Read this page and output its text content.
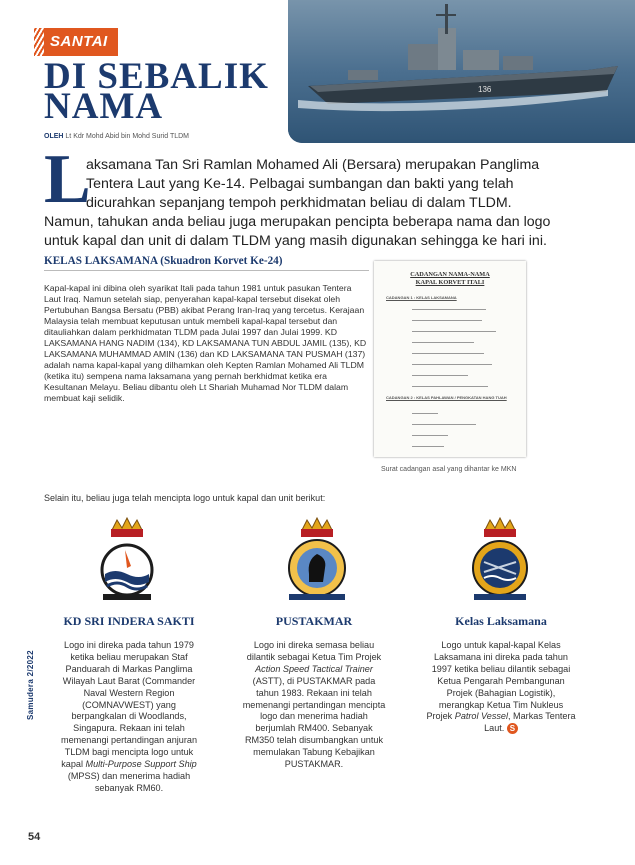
136
SANTAI
DI SEBALIK
NAMA
OLEH Lt Kdr Mohd Abid bin Mohd Surid TLDM
L
aksamana Tan Sri Ramlan Mohamed Ali (Bersara) merupakan Panglima
Tentera Laut yang Ke-14. Pelbagai sumbangan dan bakti yang telah
dicurahkan sepanjang tempoh perkhidmatan beliau di dalam TLDM.
Namun, tahukan anda beliau juga merupakan pencipta beberapa nama dan logo
untuk kapal dan unit di dalam TLDM yang masih digunakan sehingga ke hari ini.
KELAS LAKSAMANA (Skuadron Korvet Ke-24)
Kapal-kapal ini dibina oleh syarikat Itali pada tahun 1981 untuk pasukan Tentera Laut Iraq. Namun setelah siap, penyerahan kapal-kapal tersebut disekat oleh Pertubuhan Bangsa Bersatu (PBB) akibat Perang Iran-Iraq yang tercetus. Kerajaan Malaysia telah membuat keputusan untuk membeli kapal-kapal tersebut dan ditauliahkan dalam perkhidmatan TLDM pada Julai 1997 dan Julai 1999. KD LAKSAMANA HANG NADIM (134), KD LAKSAMANA TUN ABDUL JAMIL (135), KD LAKSAMANA MUHAMMAD AMIN (136) dan KD LAKSAMANA TAN PUSMAH (137) adalah nama kapal-kapal yang dilhamkan oleh Kepten Ramlan Mohamed Ali TLDM (ketika itu) sempena nama laksamana yang pernah berkhidmat ketika era Kesultanan Melayu. Beliau dibantu oleh Lt Shariah Muhamad Nor TLDM dalam membuat kaji selidik.
CADANGAN NAMA-NAMA
KAPAL KORVET ITALI
CADANGAN 1 : KELAS LAKSAMANA
CADANGAN 2 : KELAS PAHLAWAN / PENGKATAN HANG TUAH
Surat cadangan asal yang dihantar ke MKN
Selain itu, beliau juga telah mencipta logo untuk kapal dan unit berikut:
KD SRI INDERA SAKTI
Logo ini direka pada tahun 1979 ketika beliau merupakan Staf Panduarah di Markas Panglima Wilayah Laut Barat (Commander Naval Western Region (COMNAVWEST) yang berpangkalan di Woodlands, Singapura. Rekaan ini telah memenangi pertandingan anjuran TLDM bagi mencipta logo untuk kapal Multi-Purpose Support Ship (MPSS) dan menerima hadiah sebanyak RM60.
PUSTAKMAR
Logo ini direka semasa beliau dilantik sebagai Ketua Tim Projek Action Speed Tactical Trainer (ASTT), di PUSTAKMAR pada tahun 1983. Rekaan ini telah memenangi pertandingan mencipta logo dan menerima hadiah berjumlah RM400. Sebanyak RM350 telah disumbangkan untuk memulakan Tabung Kebajikan PUSTAKMAR.
Kelas Laksamana
Logo untuk kapal-kapal Kelas Laksamana ini direka pada tahun 1997 ketika beliau dilantik sebagai Ketua Pengarah Pembangunan Projek (Bahagian Logistik), merangkap Ketua Tim Nukleus Projek Patrol Vessel, Markas Tentera Laut. S
Samudera 2/2022
54
